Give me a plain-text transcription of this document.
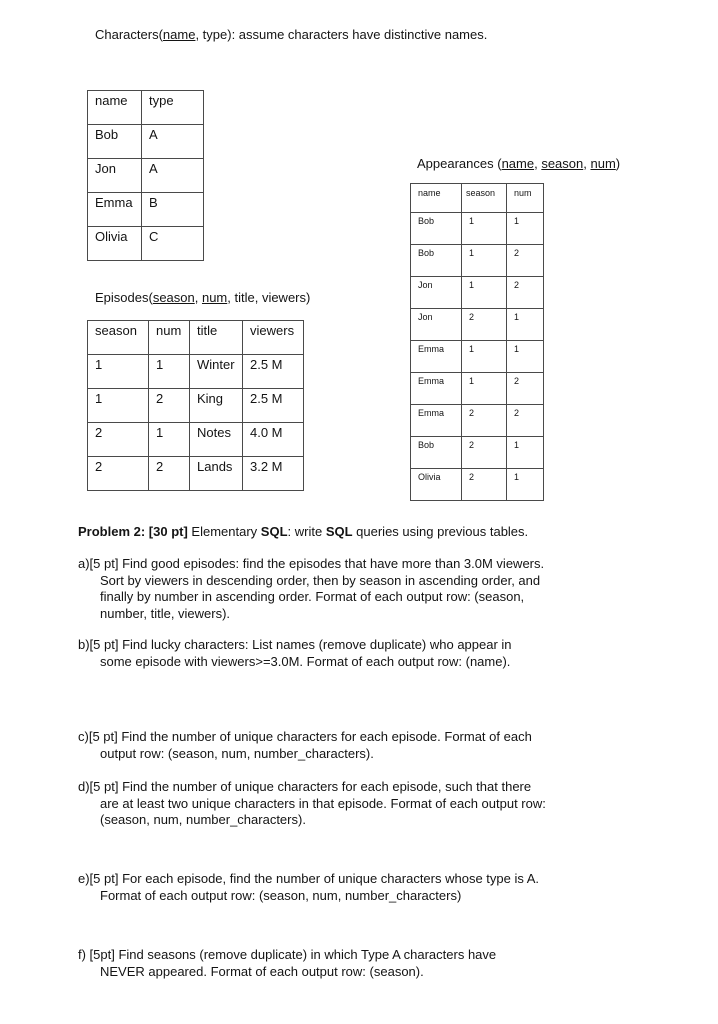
Characters(name, type): assume characters have distinctive names.
name	type
Bob	A
Jon	A
Emma	B
Olivia	C
Appearances (name, season, num)
name	season	num
Bob	1	1
Bob	1	2
Jon	1	2
Jon	2	1
Emma	1	1
Emma	1	2
Emma	2	2
Bob	2	1
Olivia	2	1
Episodes(season, num, title, viewers)
season	num	title	viewers
1	1	Winter	2.5 M
1	2	King	2.5 M
2	1	Notes	4.0 M
2	2	Lands	3.2 M
Problem 2: [30 pt] Elementary SQL: write SQL queries using previous tables.
a)[5 pt] Find good episodes: find the episodes that have more than 3.0M viewers.
Sort by viewers in descending order, then by season in ascending order, and
finally by number in ascending order. Format of each output row: (season,
number, title, viewers).
b)[5 pt] Find lucky characters: List names (remove duplicate) who appear in
some episode with viewers>=3.0M. Format of each output row: (name).
c)[5 pt] Find the number of unique characters for each episode. Format of each
output row: (season, num, number_characters).
d)[5 pt] Find the number of unique characters for each episode, such that there
are at least two unique characters in that episode. Format of each output row:
(season, num, number_characters).
e)[5 pt] For each episode, find the number of unique characters whose type is A.
Format of each output row: (season, num, number_characters)
f) [5pt] Find seasons (remove duplicate) in which Type A characters have
NEVER appeared. Format of each output row: (season).
